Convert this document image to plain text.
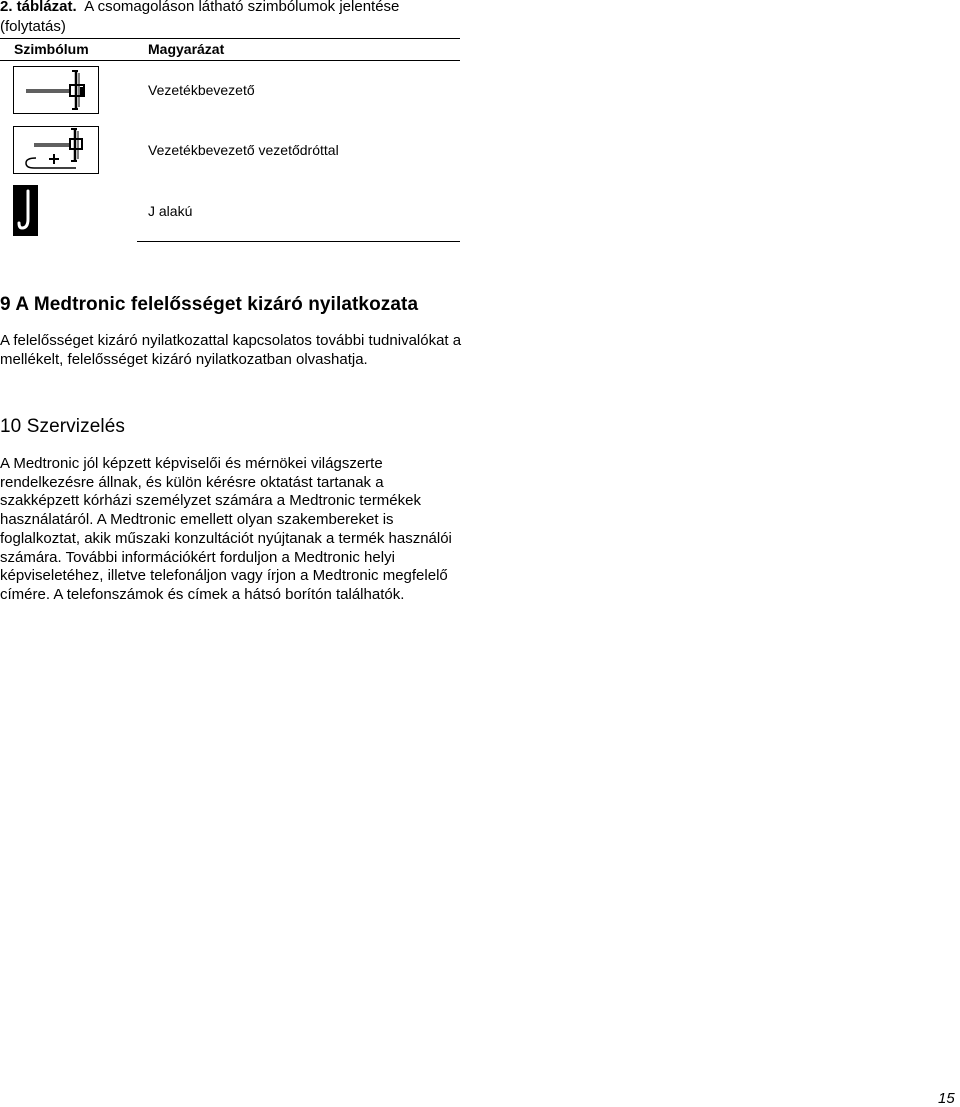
2. táblázat. A csomagoláson látható szimbólumok jelentése (folytatás)
Szimbólum	Magyarázat
Vezetékbevezető
Vezetékbevezető vezetődróttal
J alakú
9 A Medtronic felelősséget kizáró nyilatkozata

A felelősséget kizáró nyilatkozattal kapcsolatos további tudnivalókat a mellékelt, felelősséget kizáró nyilatkozatban olvashatja.

10 Szervizelés

A Medtronic jól képzett képviselői és mérnökei világszerte rendelkezésre állnak, és külön kérésre oktatást tartanak a szakképzett kórházi személyzet számára a Medtronic termékek használatáról. A Medtronic emellett olyan szakembereket is foglalkoztat, akik műszaki konzultációt nyújtanak a termék használói számára. További információkért forduljon a Medtronic helyi képviseletéhez, illetve telefonáljon vagy írjon a Medtronic megfelelő címére. A telefonszámok és címek a hátsó borítón találhatók.

15
